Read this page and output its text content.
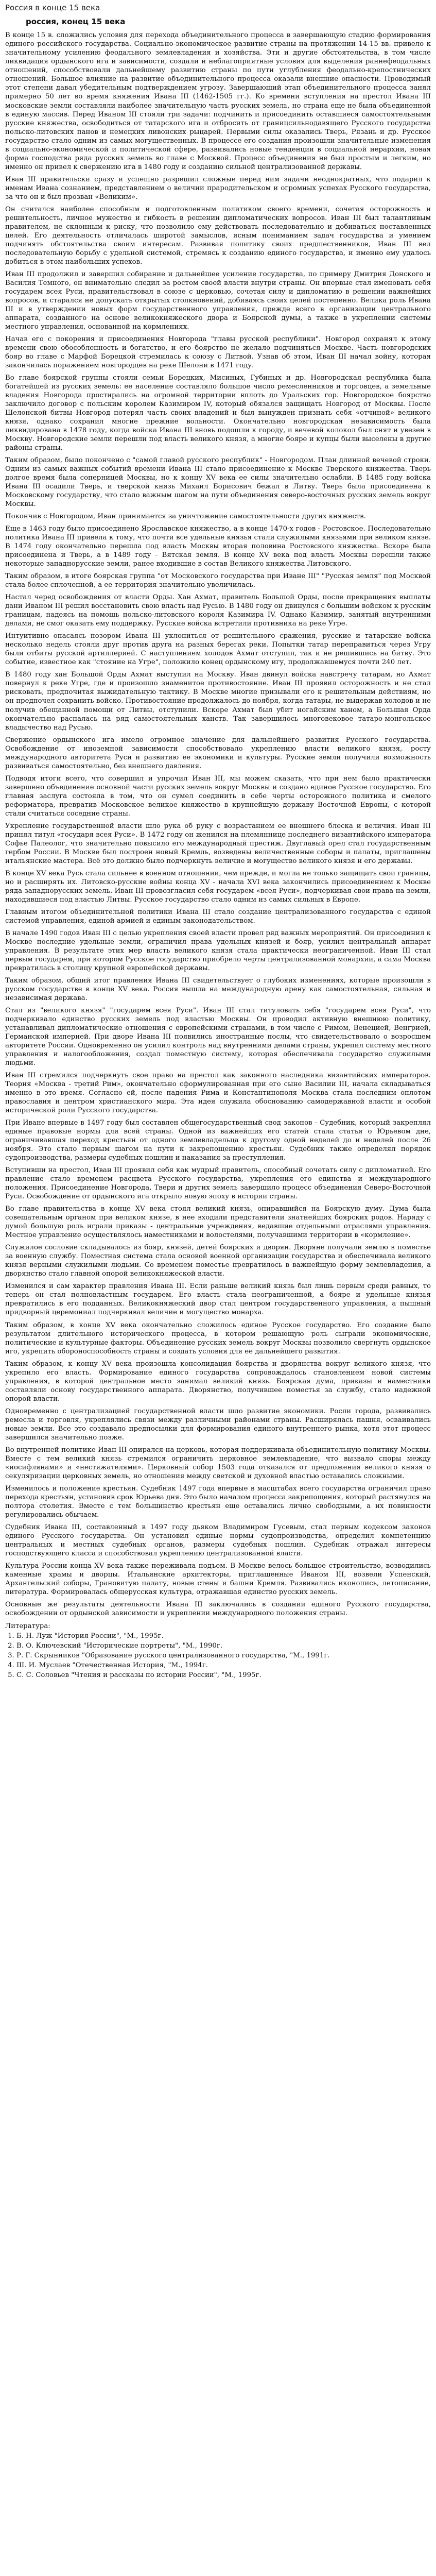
Россия в конце 15 века
россия, конец 15 века

В конце 15 в. сложились условия для перехода объединительного процесса в завершающую стадию формирования единого российского государства. Социально-экономическое развитие страны на протяжении 14-15 вв. привело к значительному усилению феодального землевладения и хозяйства. Эти и другие обстоятельства, в том числе ликвидация ордынского ига и зависимости, создали и неблагоприятные условия для выделения раннефеодальных отношений, способствовали дальнейшему развитию страны по пути углубления феодально-крепостнических отношений. Большое влияние на развитие объединительного процесса оказали внешние опасности. Проводимый этот степени давал убедительным подтверждением угрозу. Завершающий этап объединительного процесса занял примерно 50 лет во время княжения Ивана III (1462-1505 гг.). Ко времени вступления на престол Ивана III московские земли составляли наиболее значительную часть русских земель, но страна еще не была объединенной в единую массив. Перед Иваном III стояли три задачи: подчинить и присоединить оставшиеся самостоятельными русские княжества, освободиться от татарского ига и отбросить от границсильнодавящего Русского государства польско-литовских панов и немецких ливонских рыцарей. Первыми силы оказались Тверь, Рязань и др. Русское государство стало одним из самых могущественных. В процессе его создания произошли значительные изменения в социально-экономической и политической сфере, развивались новые тенденции в социальной иерархии, новая форма господства ряда русских земель во главе с Москвой. Процесс объединения не был простым и легким, но именно он привел к свержению ига в 1480 году и созданию сильной централизованной державы.

Иван III правительски сразу и успешно разрешил сложные перед ним задачи неоднократных, что подарил к именам Ивана сознанием, представлением о величии прародительском и огромных успехах Русского государства, за что он и был прозван «Великим».

Он считался наиболее способным и подготовленным политиком своего времени, сочетая осторожность и решительность, личное мужество и гибкость в решении дипломатических вопросов. Иван III был талантливым правителем, не склонным к риску, что позволило ему действовать последовательно и добиваться поставленных целей. Его деятельность отличалась широтой замыслов, ясным пониманием задач государства и умением подчинять обстоятельства своим интересам. Развивая политику своих предшественников, Иван III вел последовательную борьбу с удельной системой, стремясь к созданию единого государства, и именно ему удалось добиться в этом наибольших успехов.

Иван III продолжил и завершил собирание и дальнейшее усиление государства, по примеру Дмитрия Донского и Василия Темного, он внимательно следил за ростом своей власти внутри страны. Он впервые стал именовать себя государем всея Руси, правительствовал в союзе с церковью, сочетая силу и дипломатию в решении важнейших вопросов, и старался не допускать открытых столкновений, добиваясь своих целей постепенно. Велика роль Ивана III и в утверждении новых форм государственного управления, прежде всего в организации центрального аппарата, созданного на основе великокняжеского двора и Боярской думы, а также в укреплении системы местного управления, основанной на кормлениях.

Начав его с покорения и присоединения Новгорода "главы русской республики". Новгород сохранял к этому времени свою обособленность и богатство, и его боярство не желало подчиняться Москве. Часть новгородских бояр во главе с Марфой Борецкой стремилась к союзу с Литвой. Узнав об этом, Иван III начал войну, которая закончилась поражением новгородцев на реке Шелони в 1471 году.

Во главе боярской группы стояли семьи Борецких, Мисиных, Губиных и др. Новгородская республика была богатейшей из русских земель: ее население составляло большое число ремесленников и торговцев, а земельные владения Новгорода простирались на огромной территории вплоть до Уральских гор. Новгородское боярство заключило договор с польским королем Казимиром IV, который обязался защищать Новгород от Москвы. После Шелонской битвы Новгород потерял часть своих владений и был вынужден признать себя «отчиной» великого князя, однако сохранил многие прежние вольности. Окончательно новгородская независимость была ликвидирована в 1478 году, когда войска Ивана III вновь подошли к городу, и вечевой колокол был снят и увезен в Москву. Новгородские земли перешли под власть великого князя, а многие бояре и купцы были выселены в другие районы страны.

Таким образом, было покончено с "самой главой русского республик" - Новгородом. План длинной вечевой строки. Одним из самых важных событий времени Ивана III стало присоединение к Москве Тверского княжества. Тверь долгое время была соперницей Москвы, но к концу XV века ее силы значительно ослабли. В 1485 году войска Ивана III осадили Тверь, и тверской князь Михаил Борисович бежал в Литву. Тверь была присоединена к Московскому государству, что стало важным шагом на пути объединения северо-восточных русских земель вокруг Москвы.

Покончив с Новгородом, Иван принимается за уничтожение самостоятельности других княжеств.

Еще в 1463 году было присоединено Ярославское княжество, а в конце 1470-х годов - Ростовское. Последовательно политика Ивана III привела к тому, что почти все удельные князья стали служилыми князьями при великом князе. В 1474 году окончательно перешла под власть Москвы вторая половина Ростовского княжества. Вскоре была присоединена и Тверь, а в 1489 году - Вятская земля. В конце XV века под власть Москвы перешли также некоторые западнорусские земли, ранее входившие в состав Великого княжества Литовского.

Таким образом, в итоге боярская группа "от Московского государства при Иване III" "Русская земля" под Москвой стала более сплоченной, а ее территория значительно увеличилась.

Настал черед освобождения от власти Орды. Хан Ахмат, правитель Большой Орды, после прекращения выплаты дани Иваном III решил восстановить свою власть над Русью. В 1480 году он двинулся с большим войском к русским границам, надеясь на помощь польско-литовского короля Казимира IV. Однако Казимир, занятый внутренними делами, не смог оказать ему поддержку. Русские войска встретили противника на реке Угре.

Интуитивно опасаясь позором Ивана III уклониться от решительного сражения, русские и татарские войска несколько недель стояли друг против друга на разных берегах реки. Попытки татар переправиться через Угру были отбиты русской артиллерией. С наступлением холодов Ахмат отступил, так и не решившись на битву. Это событие, известное как "стояние на Угре", положило конец ордынскому игу, продолжавшемуся почти 240 лет.

В 1480 году хан Большой Орды Ахмат выступил на Москву. Иван двинул войска навстречу татарам, но Ахмат повернул к реке Угре, где и произошло знаменитое противостояние. Иван III проявил осторожность и не стал рисковать, предпочитая выжидательную тактику. В Москве многие призывали его к решительным действиям, но он предпочел сохранить войско. Противостояние продолжалось до ноября, когда татары, не выдержав холодов и не получив обещанной помощи от Литвы, отступили. Вскоре Ахмат был убит ногайским ханом, а Большая Орда окончательно распалась на ряд самостоятельных ханств. Так завершилось многовековое татаро-монгольское владычество над Русью.

Свержение ордынского ига имело огромное значение для дальнейшего развития Русского государства. Освобождение от иноземной зависимости способствовало укреплению власти великого князя, росту международного авторитета Руси и развитию ее экономики и культуры. Русские земли получили возможность развиваться самостоятельно, без внешнего давления.

Подводя итоги всего, что совершил и упрочил Иван III, мы можем сказать, что при нем было практически завершено объединение основной части русских земель вокруг Москвы и создано единое Русское государство. Его главная заслуга состояла в том, что он сумел соединить в себе черты осторожного политика и смелого реформатора, превратив Московское великое княжество в крупнейшую державу Восточной Европы, с которой стали считаться соседние страны.

Укрепление государственной власти шло рука об руку с возрастанием ее внешнего блеска и величия. Иван III принял титул «государя всея Руси». В 1472 году он женился на племяннице последнего византийского императора Софье Палеолог, что значительно повысило его международный престиж. Двуглавый орел стал государственным гербом России. В Москве был построен новый Кремль, возведены величественные соборы и палаты, приглашены итальянские мастера. Всё это должно было подчеркнуть величие и могущество великого князя и его державы.

В конце XV века Русь стала сильнее в военном отношении, чем прежде, и могла не только защищать свои границы, но и расширять их. Литовско-русские войны конца XV - начала XVI века закончились присоединением к Москве ряда западнорусских земель. Иван III провозгласил себя государем «всея Руси», подчеркивая свои права на земли, находившиеся под властью Литвы. Русское государство стало одним из самых сильных в Европе.

Главным итогом объединительной политики Ивана III стало создание централизованного государства с единой системой управления, единой армией и единым законодательством.

В начале 1490 годов Иван III с целью укрепления своей власти провел ряд важных мероприятий. Он присоединил к Москве последние удельные земли, ограничил права удельных князей и бояр, усилил центральный аппарат управления. В результате этих мер власть великого князя стала практически неограниченной. Иван III стал первым государем, при котором Русское государство приобрело черты централизованной монархии, а сама Москва превратилась в столицу крупной европейской державы.

Таким образом, общий итог правления Ивана III свидетельствует о глубоких изменениях, которые произошли в русском государстве в конце XV века. Россия вышла на международную арену как самостоятельная, сильная и независимая держава.

Стал из "великого князя" "государем всея Руси". Иван III стал титуловать себя "государем всея Руси", что подчеркивало единство русских земель под властью Москвы. Он проводил активную внешнюю политику, устанавливал дипломатические отношения с европейскими странами, в том числе с Римом, Венецией, Венгрией, Германской империей. При дворе Ивана III появились иностранные послы, что свидетельствовало о возросшем авторитете России. Одновременно он усилил контроль над внутренними делами страны, укрепил систему местного управления и налогообложения, создал поместную систему, которая обеспечивала государство служилыми людьми.

Иван III стремился подчеркнуть свое право на престол как законного наследника византийских императоров. Теория «Москва - третий Рим», окончательно сформулированная при его сыне Василии III, начала складываться именно в это время. Согласно ей, после падения Рима и Константинополя Москва стала последним оплотом православия и центром христианского мира. Эта идея служила обоснованию самодержавной власти и особой исторической роли Русского государства.

При Иване впервые в 1497 году был составлен общегосударственный свод законов - Судебник, который закреплял единые правовые нормы для всей страны. Одной из важнейших его статей стала статья о Юрьевом дне, ограничивавшая переход крестьян от одного землевладельца к другому одной неделей до и неделей после 26 ноября. Это стало первым шагом на пути к закрепощению крестьян. Судебник также определял порядок судопроизводства, размеры судебных пошлин и наказания за преступления.

Вступивши на престол, Иван III проявил себя как мудрый правитель, способный сочетать силу с дипломатией. Его правление стало временем расцвета Русского государства, укрепления его единства и международного положения. Присоединение Новгорода, Твери и других земель завершило процесс объединения Северо-Восточной Руси. Освобождение от ордынского ига открыло новую эпоху в истории страны.

Во главе правительства в конце XV века стоял великий князь, опиравшийся на Боярскую думу. Дума была совещательным органом при великом князе, в нее входили представители знатнейших боярских родов. Наряду с думой большую роль играли приказы - центральные учреждения, ведавшие отдельными отраслями управления. Местное управление осуществлялось наместниками и волостелями, получавшими территории в «кормление».

Служилое сословие складывалось из бояр, князей, детей боярских и дворян. Дворяне получали землю в поместье за военную службу. Поместная система стала основой военной организации государства и обеспечивала великого князя верными служилыми людьми. Со временем поместье превратилось в важнейшую форму землевладения, а дворянство стало главной опорой великокняжеской власти.

Изменился и сам характер правления Ивана III. Если раньше великий князь был лишь первым среди равных, то теперь он стал полновластным государем. Его власть стала неограниченной, а бояре и удельные князья превратились в его подданных. Великокняжеский двор стал центром государственного управления, а пышный придворный церемониал подчеркивал величие и могущество монарха.

Таким образом, в конце XV века окончательно сложилось единое Русское государство. Его создание было результатом длительного исторического процесса, в котором решающую роль сыграли экономические, политические и культурные факторы. Объединение русских земель вокруг Москвы позволило свергнуть ордынское иго, укрепить обороноспособность страны и создать условия для ее дальнейшего развития.

Таким образом, к концу XV века произошла консолидация боярства и дворянства вокруг великого князя, что укрепило его власть. Формирование единого государства сопровождалось становлением новой системы управления, в которой центральное место занимал великий князь. Боярская дума, приказы и наместники составляли основу государственного аппарата. Дворянство, получившее поместья за службу, стало надежной опорой власти.

Одновременно с централизацией государственной власти шло развитие экономики. Росли города, развивались ремесла и торговля, укреплялись связи между различными районами страны. Расширялась пашня, осваивались новые земли. Все это создавало предпосылки для формирования единого внутреннего рынка, хотя этот процесс завершился значительно позже.

Во внутренней политике Иван III опирался на церковь, которая поддерживала объединительную политику Москвы. Вместе с тем великий князь стремился ограничить церковное землевладение, что вызвало споры между «иосифлянами» и «нестяжателями». Церковный собор 1503 года отказался от предложения великого князя о секуляризации церковных земель, но отношения между светской и духовной властью оставались сложными.

Изменилось и положение крестьян. Судебник 1497 года впервые в масштабах всего государства ограничил право перехода крестьян, установив срок Юрьева дня. Это было началом процесса закрепощения, который растянулся на полтора столетия. Вместе с тем большинство крестьян еще оставались лично свободными, а их повинности регулировались обычаем.

Судебник Ивана III, составленный в 1497 году дьяком Владимиром Гусевым, стал первым кодексом законов единого Русского государства. Он установил единые нормы судопроизводства, определил компетенцию центральных и местных судебных органов, размеры судебных пошлин. Судебник отражал интересы господствующего класса и способствовал укреплению централизованной власти.

Культура России конца XV века также переживала подъем. В Москве велось большое строительство, возводились каменные храмы и дворцы. Итальянские архитекторы, приглашенные Иваном III, возвели Успенский, Архангельский соборы, Грановитую палату, новые стены и башни Кремля. Развивались иконопись, летописание, литература. Формировалась общерусская культура, отражавшая единство русских земель.

Основные же результаты деятельности Ивана III заключались в создании единого Русского государства, освобождении от ордынской зависимости и укреплении международного положения страны.

Литература:
1. Б. Н. Луж "История России", "М., 1995г.
2. В. О. Ключевский "Исторические портреты", "М., 1990г.
3. Р. Г. Скрынников "Образование русского централизованного государства, "М., 1991г.
4. Ш. И. Муслаев "Отечественная История, "М., 1994г.
5. С. С. Соловьев "Чтения и рассказы по истории России", "М., 1995г.
